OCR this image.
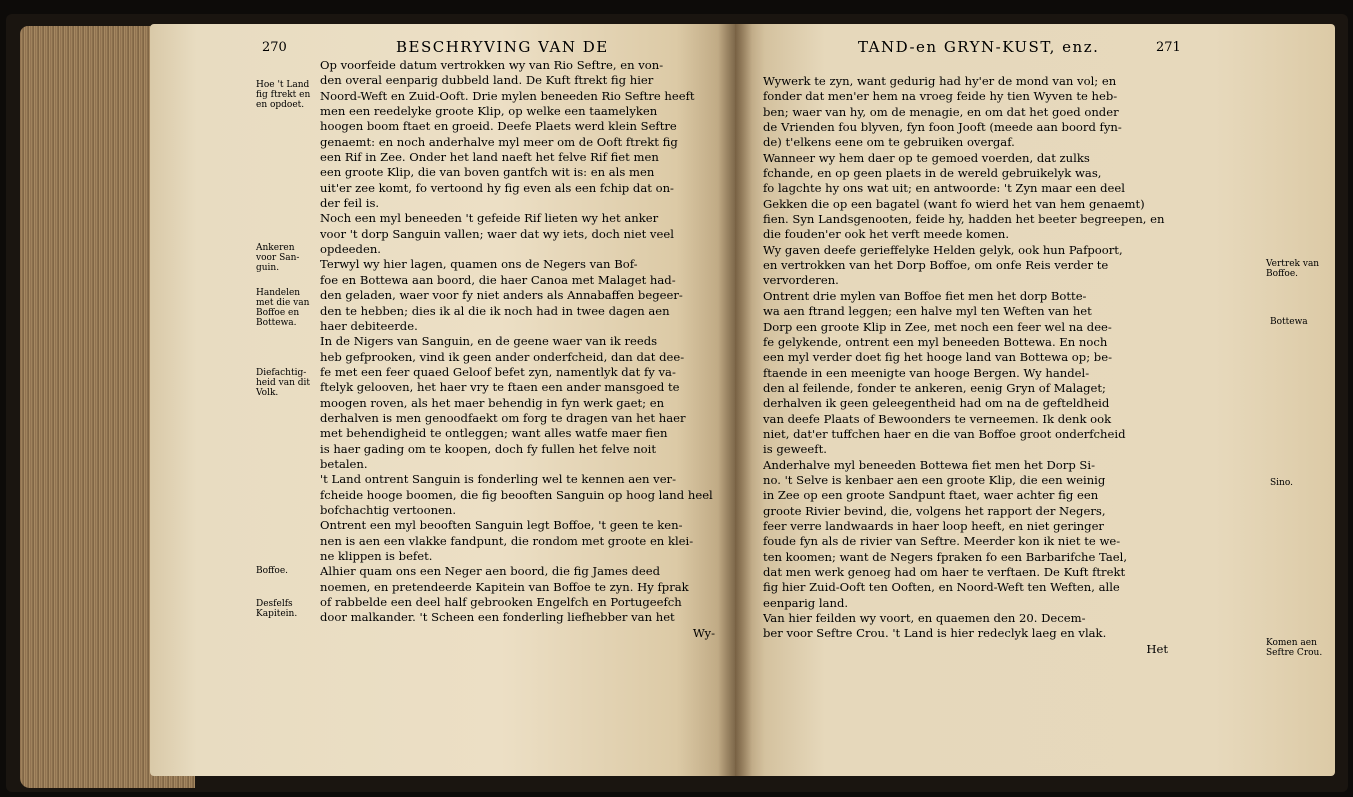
270	BESCHRYVING VAN DE
Hoe 't Land
fig ftrekt en
en opdoet.
Ankeren
voor San-
guin.
Handelen
met die van
Boffoe en
Bottewa.
Diefachtig-
heid van dit
Volk.
Boffoe.
Desfelfs
Kapitein.
Op voorfeide datum vertrokken wy van Rio Seftre, en von-
den overal eenparig dubbeld land. De Kuft ftrekt fig hier
Noord-Weft en Zuid-Ooft. Drie mylen beneeden Rio Seftre heeft
men een reedelyke groote Klip, op welke een taamelyken
hoogen boom ftaet en groeid. Deefe Plaets werd klein Seftre
genaemt: en noch anderhalve myl meer om de Ooft ftrekt fig
een Rif in Zee. Onder het land naeft het felve Rif fiet men
een groote Klip, die van boven gantfch wit is: en als men
uit'er zee komt, fo vertoond hy fig even als een fchip dat on-
der feil is.
Noch een myl beneeden 't gefeide Rif lieten wy het anker
voor 't dorp Sanguin vallen; waer dat wy iets, doch niet veel
opdeeden.
Terwyl wy hier lagen, quamen ons de Negers van Bof-
foe en Bottewa aan boord, die haer Canoa met Malaget had-
den geladen, waer voor fy niet anders als Annabaffen begeer-
den te hebben; dies ik al die ik noch had in twee dagen aen
haer debiteerde.
In de Nigers van Sanguin, en de geene waer van ik reeds
heb gefprooken, vind ik geen ander onderfcheid, dan dat dee-
fe met een feer quaed Geloof befet zyn, namentlyk dat fy va-
ftelyk gelooven, het haer vry te ftaen een ander mansgoed te
moogen roven, als het maer behendig in fyn werk gaet; en
derhalven is men genoodfaekt om forg te dragen van het haer
met behendigheid te ontleggen; want alles watfe maer fien
is haer gading om te koopen, doch fy fullen het felve noit
betalen.
't Land ontrent Sanguin is fonderling wel te kennen aen ver-
fcheide hooge boomen, die fig beooften Sanguin op hoog land heel
bofchachtig vertoonen.
Ontrent een myl beooften Sanguin legt Boffoe, 't geen te ken-
nen is aen een vlakke fandpunt, die rondom met groote en klei-
ne klippen is befet.
Alhier quam ons een Neger aen boord, die fig James deed
noemen, en pretendeerde Kapitein van Boffoe te zyn. Hy fprak
of rabbelde een deel half gebrooken Engelfch en Portugeefch
door malkander. 't Scheen een fonderling liefhebber van het
Wy-
TAND-en GRYN-KUST, enz.	271
Wywerk te zyn, want gedurig had hy'er de mond van vol; en
fonder dat men'er hem na vroeg feide hy tien Wyven te heb-
ben; waer van hy, om de menagie, en om dat het goed onder
de Vrienden fou blyven, fyn foon Jooft (meede aan boord fyn-
de) t'elkens eene om te gebruiken overgaf.
Wanneer wy hem daer op te gemoed voerden, dat zulks
fchande, en op geen plaets in de wereld gebruikelyk was,
fo lagchte hy ons wat uit; en antwoorde: 't Zyn maar een deel
Gekken die op een bagatel (want fo wierd het van hem genaemt)
fien. Syn Landsgenooten, feide hy, hadden het beeter begreepen, en
die fouden'er ook het verft meede komen.
Wy gaven deefe gerieffelyke Helden gelyk, ook hun Pafpoort,
en vertrokken van het Dorp Boffoe, om onfe Reis verder te
vervorderen.
Ontrent drie mylen van Boffoe fiet men het dorp Botte-
wa aen ftrand leggen; een halve myl ten Weften van het
Dorp een groote Klip in Zee, met noch een feer wel na dee-
fe gelykende, ontrent een myl beneeden Bottewa. En noch
een myl verder doet fig het hooge land van Bottewa op; be-
ftaende in een meenigte van hooge Bergen. Wy handel-
den al feilende, fonder te ankeren, eenig Gryn of Malaget;
derhalven ik geen geleegentheid had om na de gefteldheid
van deefe Plaats of Bewoonders te verneemen. Ik denk ook
niet, dat'er tuffchen haer en die van Boffoe groot onderfcheid
is geweeft.
Anderhalve myl beneeden Bottewa fiet men het Dorp Si-
no. 't Selve is kenbaer aen een groote Klip, die een weinig
in Zee op een groote Sandpunt ftaet, waer achter fig een
groote Rivier bevind, die, volgens het rapport der Negers,
feer verre landwaards in haer loop heeft, en niet geringer
foude fyn als de rivier van Seftre. Meerder kon ik niet te we-
ten koomen; want de Negers fpraken fo een Barbarifche Tael,
dat men werk genoeg had om haer te verftaen. De Kuft ftrekt
fig hier Zuid-Ooft ten Ooften, en Noord-Weft ten Weften, alle
eenparig land.
Van hier feilden wy voort, en quaemen den 20. Decem-
ber voor Seftre Crou. 't Land is hier redeclyk laeg en vlak.
Het
Vertrek van
Boffoe.
Bottewa
Sino.
Komen aen
Seftre Crou.
